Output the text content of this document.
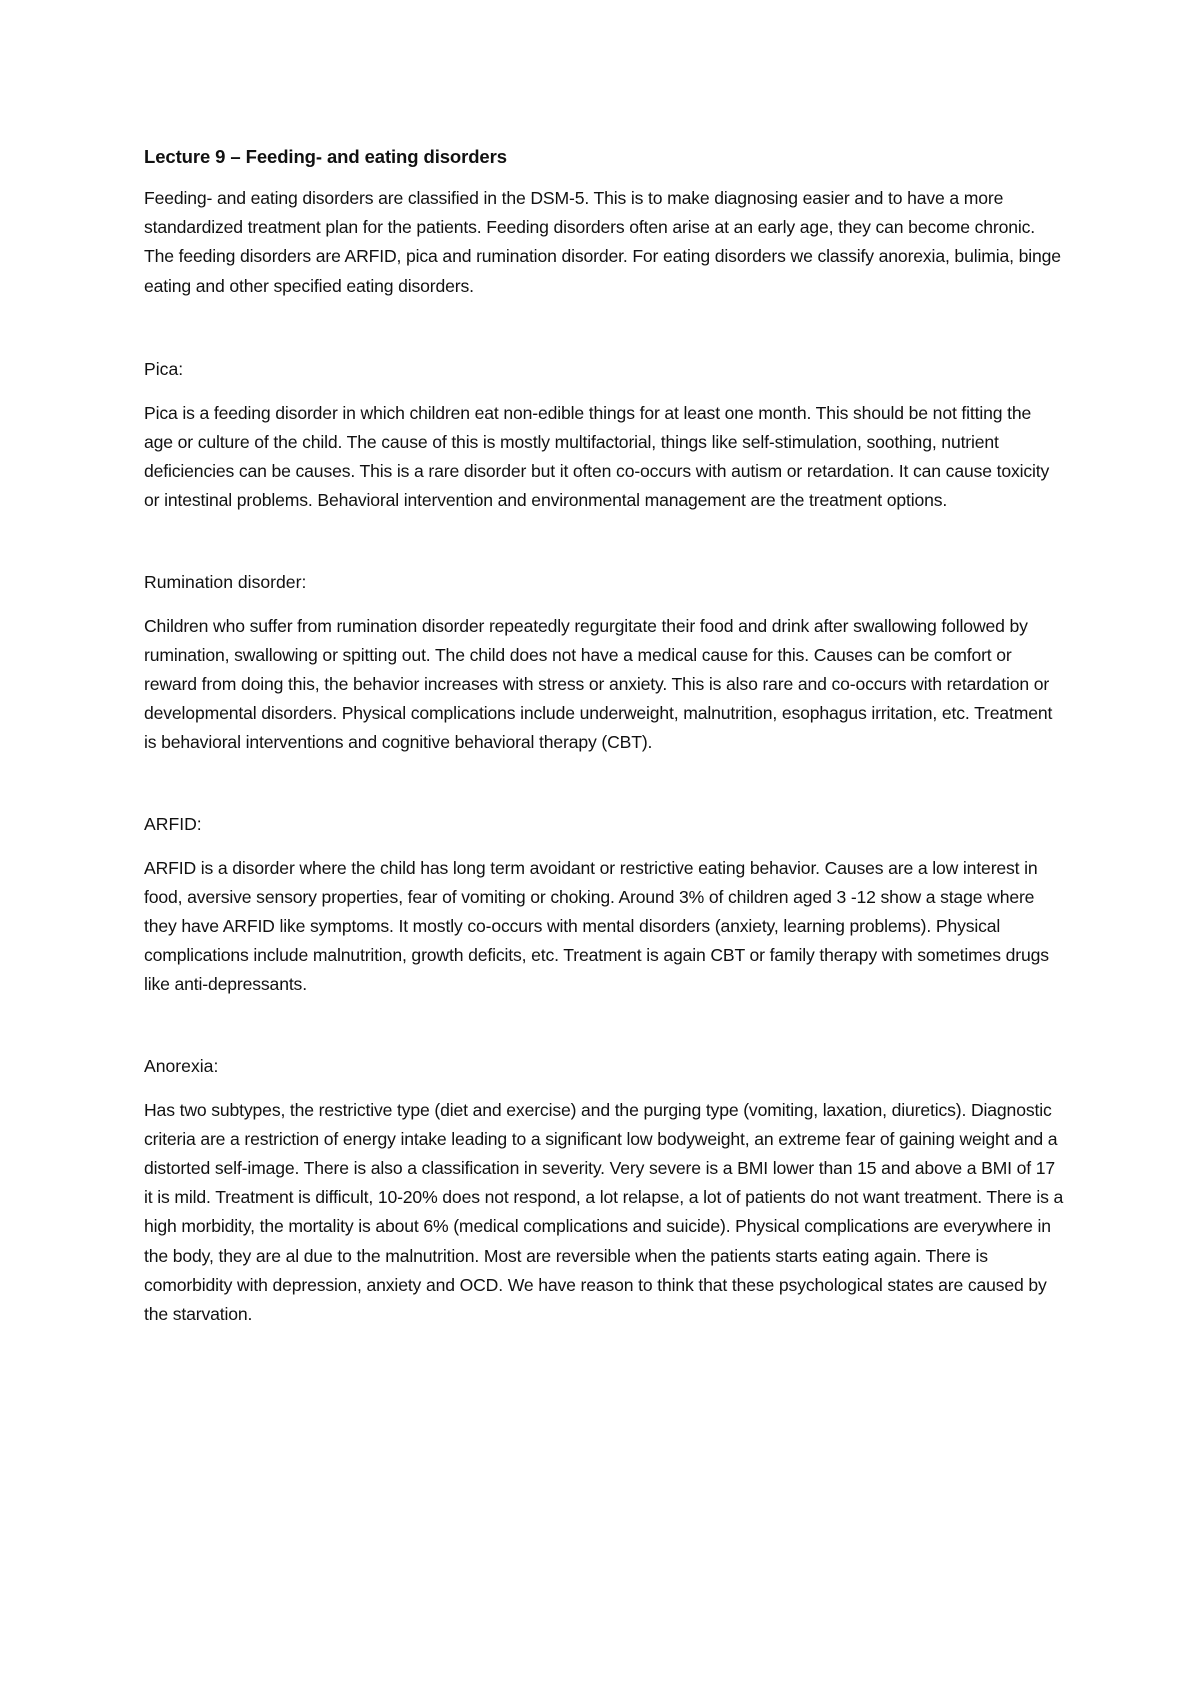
Lecture 9 – Feeding- and eating disorders

Feeding- and eating disorders are classified in the DSM-5. This is to make diagnosing easier and to have a more standardized treatment plan for the patients. Feeding disorders often arise at an early age, they can become chronic. The feeding disorders are ARFID, pica and rumination disorder. For eating disorders we classify anorexia, bulimia, binge eating and other specified eating disorders.

Pica:

Pica is a feeding disorder in which children eat non-edible things for at least one month. This should be not fitting the age or culture of the child. The cause of this is mostly multifactorial, things like self-stimulation, soothing, nutrient deficiencies can be causes. This is a rare disorder but it often co-occurs with autism or retardation. It can cause toxicity or intestinal problems. Behavioral intervention and environmental management are the treatment options.

Rumination disorder:

Children who suffer from rumination disorder repeatedly regurgitate their food and drink after swallowing followed by rumination, swallowing or spitting out. The child does not have a medical cause for this. Causes can be comfort or reward from doing this, the behavior increases with stress or anxiety. This is also rare and co-occurs with retardation or developmental disorders. Physical complications include underweight, malnutrition, esophagus irritation, etc. Treatment is behavioral interventions and cognitive behavioral therapy (CBT).

ARFID:

ARFID is a disorder where the child has long term avoidant or restrictive eating behavior. Causes are a low interest in food, aversive sensory properties, fear of vomiting or choking. Around 3% of children aged 3 -12 show a stage where they have ARFID like symptoms. It mostly co-occurs with mental disorders (anxiety, learning problems). Physical complications include malnutrition, growth deficits, etc. Treatment is again CBT or family therapy with sometimes drugs like anti-depressants.

Anorexia:

Has two subtypes, the restrictive type (diet and exercise) and the purging type (vomiting, laxation, diuretics). Diagnostic criteria are a restriction of energy intake leading to a significant low bodyweight, an extreme fear of gaining weight and a distorted self-image. There is also a classification in severity. Very severe is a BMI lower than 15 and above a BMI of 17 it is mild. Treatment is difficult, 10-20% does not respond, a lot relapse, a lot of patients do not want treatment. There is a high morbidity, the mortality is about 6% (medical complications and suicide). Physical complications are everywhere in the body, they are al due to the malnutrition. Most are reversible when the patients starts eating again. There is comorbidity with depression, anxiety and OCD. We have reason to think that these psychological states are caused by the starvation.
